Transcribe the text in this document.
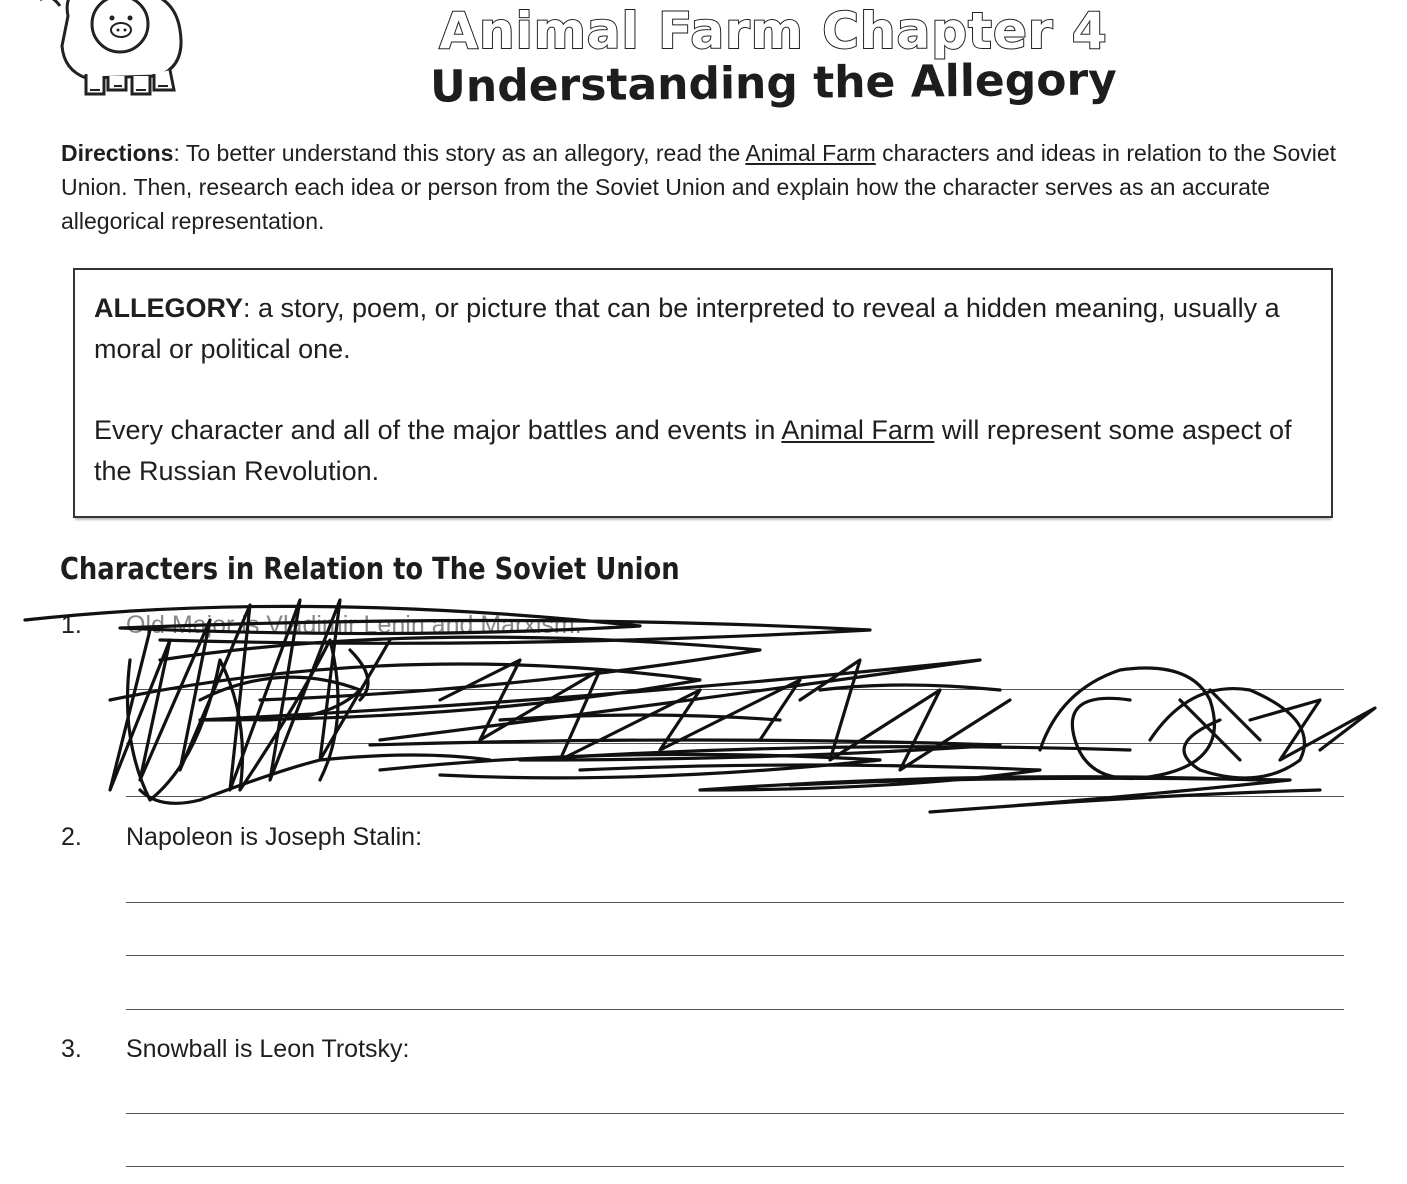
Animal Farm Chapter 4
Understanding the Allegory

Directions: To better understand this story as an allegory, read the Animal Farm characters and ideas in relation to the Soviet Union. Then, research each idea or person from the Soviet Union and explain how the character serves as an accurate allegorical representation.

ALLEGORY: a story, poem, or picture that can be interpreted to reveal a hidden meaning, usually a moral or political one.

Every character and all of the major battles and events in Animal Farm will represent some aspect of the Russian Revolution.

Characters in Relation to The Soviet Union
1. Old Major is Vladimir Lenin and Marxism:
2. Napoleon is Joseph Stalin:
3. Snowball is Leon Trotsky:
